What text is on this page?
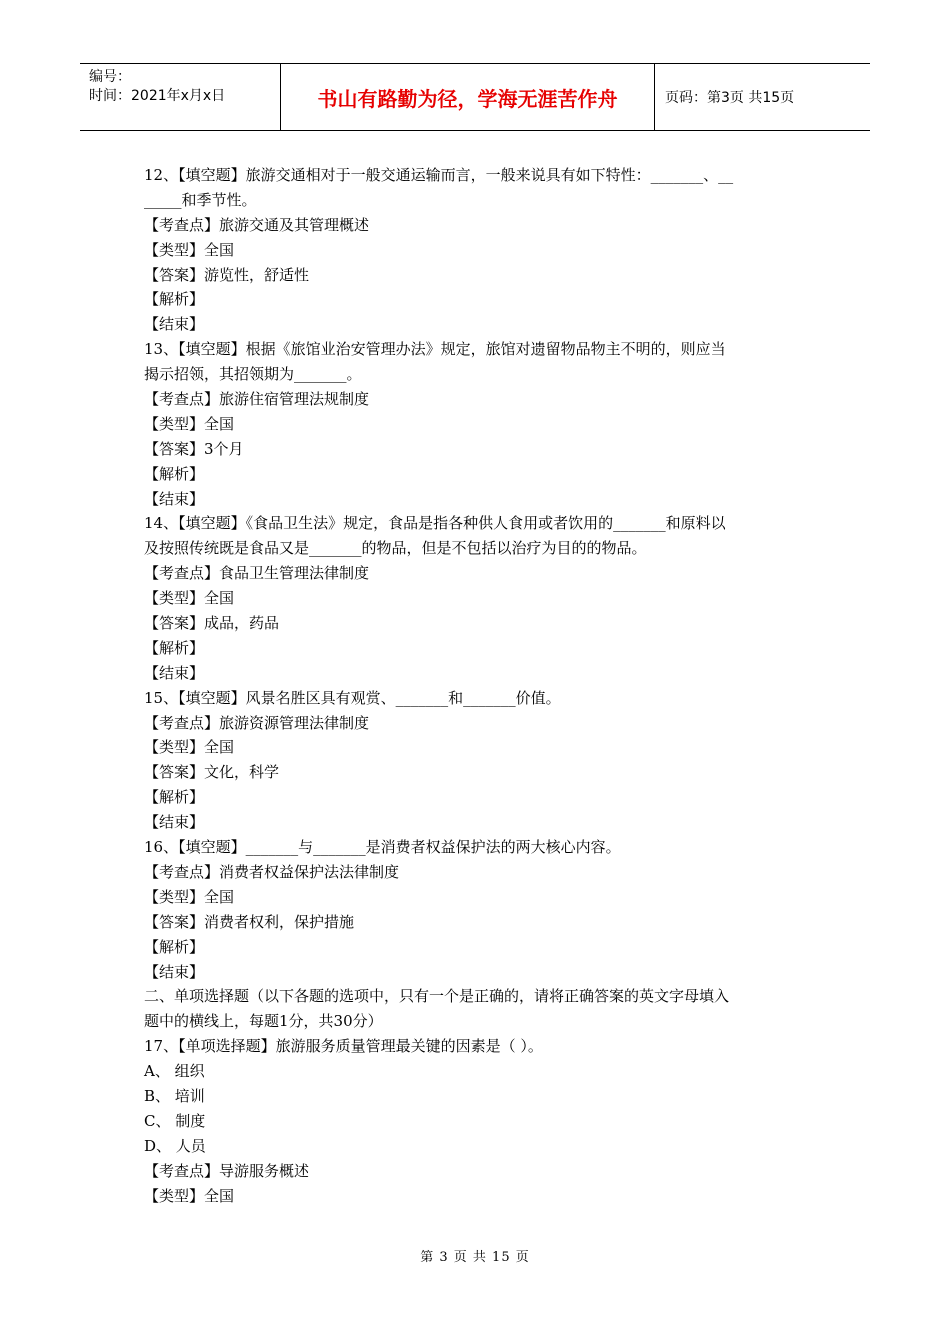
编号：
时间：2021年x月x日	书山有路勤为径，学海无涯苦作舟	页码：第3页 共15页
12、【填空题】旅游交通相对于一般交通运输而言，一般来说具有如下特性：_______、__
_____和季节性。
【考查点】旅游交通及其管理概述
【类型】全国
【答案】游览性，舒适性
【解析】
【结束】
13、【填空题】根据《旅馆业治安管理办法》规定，旅馆对遗留物品物主不明的，则应当
揭示招领，其招领期为_______。
【考查点】旅游住宿管理法规制度
【类型】全国
【答案】3个月
【解析】
【结束】
14、【填空题】《食品卫生法》规定，食品是指各种供人食用或者饮用的_______和原料以
及按照传统既是食品又是_______的物品，但是不包括以治疗为目的的物品。
【考查点】食品卫生管理法律制度
【类型】全国
【答案】成品，药品
【解析】
【结束】
15、【填空题】风景名胜区具有观赏、_______和_______价值。
【考查点】旅游资源管理法律制度
【类型】全国
【答案】文化，科学
【解析】
【结束】
16、【填空题】_______与_______是消费者权益保护法的两大核心内容。
【考查点】消费者权益保护法法律制度
【类型】全国
【答案】消费者权利，保护措施
【解析】
【结束】
二、单项选择题（以下各题的选项中，只有一个是正确的，请将正确答案的英文字母填入
题中的横线上，每题1分，共30分）
17、【单项选择题】旅游服务质量管理最关键的因素是（ ）。
A、 组织
B、 培训
C、 制度
D、 人员
【考查点】导游服务概述
【类型】全国
第 3 页 共 15 页
